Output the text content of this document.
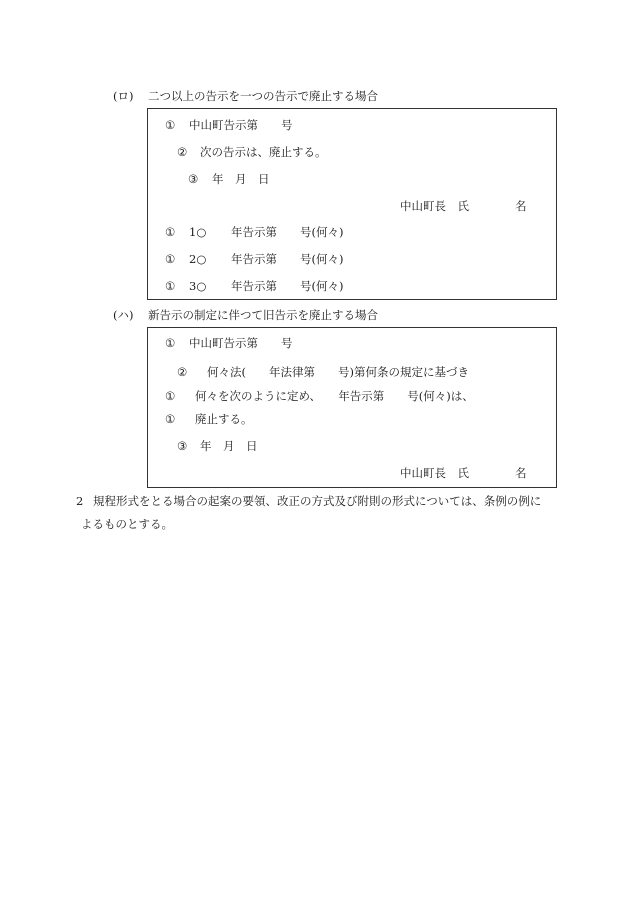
(ロ) 二つ以上の告示を一つの告示で廃止する場合
① 中山町告示第　　号
② 次の告示は、廃止する。
③ 年　月　日
中山町長　氏　　　　名
① 1○ 年告示第　　号(何々)
① 2○ 年告示第　　号(何々)
① 3○ 年告示第　　号(何々)
(ハ) 新告示の制定に伴つて旧告示を廃止する場合
① 中山町告示第　　号
② 何々法(　　年法律第　　号)第何条の規定に基づき
① 何々を次のように定め、　　年告示第　　号(何々)は、
① 廃止する。
③ 年　月　日
中山町長　氏　　　　名
2 規程形式をとる場合の起案の要領、改正の方式及び附則の形式については、条例の例に
よるものとする。
